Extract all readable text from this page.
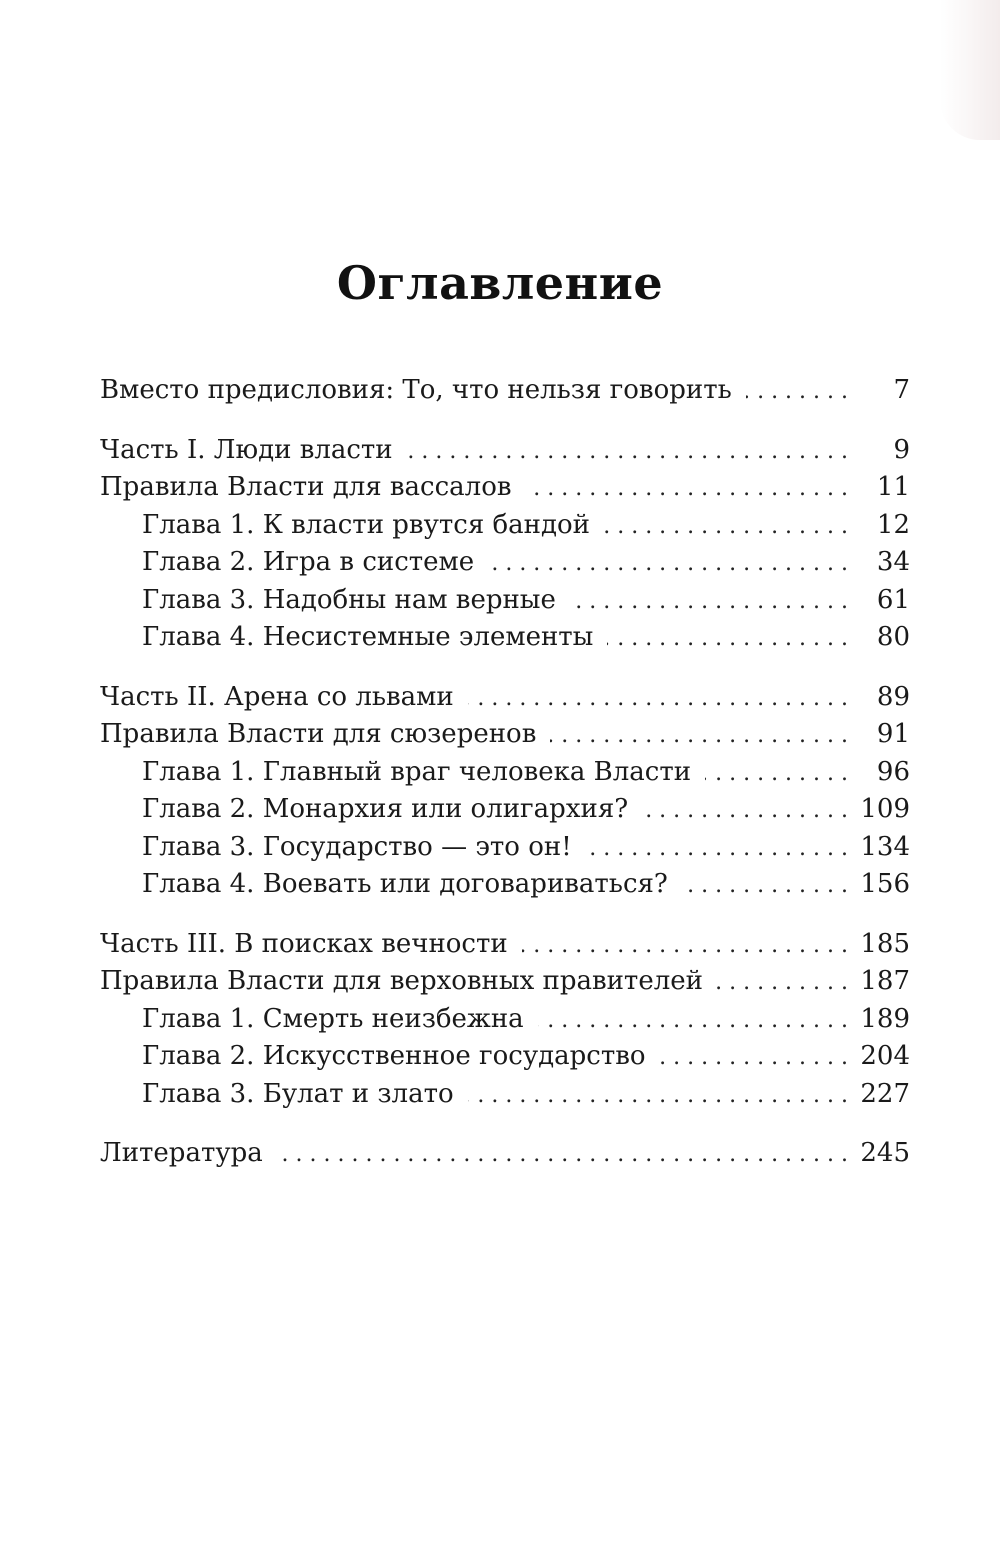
Оглавление
Вместо предисловия: То, что нельзя говорить . . .	7
Часть I. Люди власти . . .	9
Правила Власти для вассалов . . .	11
Глава 1. К власти рвутся бандой . . .	12
Глава 2. Игра в системе . . .	34
Глава 3. Надобны нам верные . . .	61
Глава 4. Несистемные элементы . . .	80
Часть II. Арена со львами . . .	89
Правила Власти для сюзеренов . . .	91
Глава 1. Главный враг человека Власти . . .	96
Глава 2. Монархия или олигархия? . . .	109
Глава 3. Государство — это он! . . .	134
Глава 4. Воевать или договариваться? . . .	156
Часть III. В поисках вечности . . .	185
Правила Власти для верховных правителей . . .	187
Глава 1. Смерть неизбежна . . .	189
Глава 2. Искусственное государство . . .	204
Глава 3. Булат и злато . . .	227
Литература . . .	245
